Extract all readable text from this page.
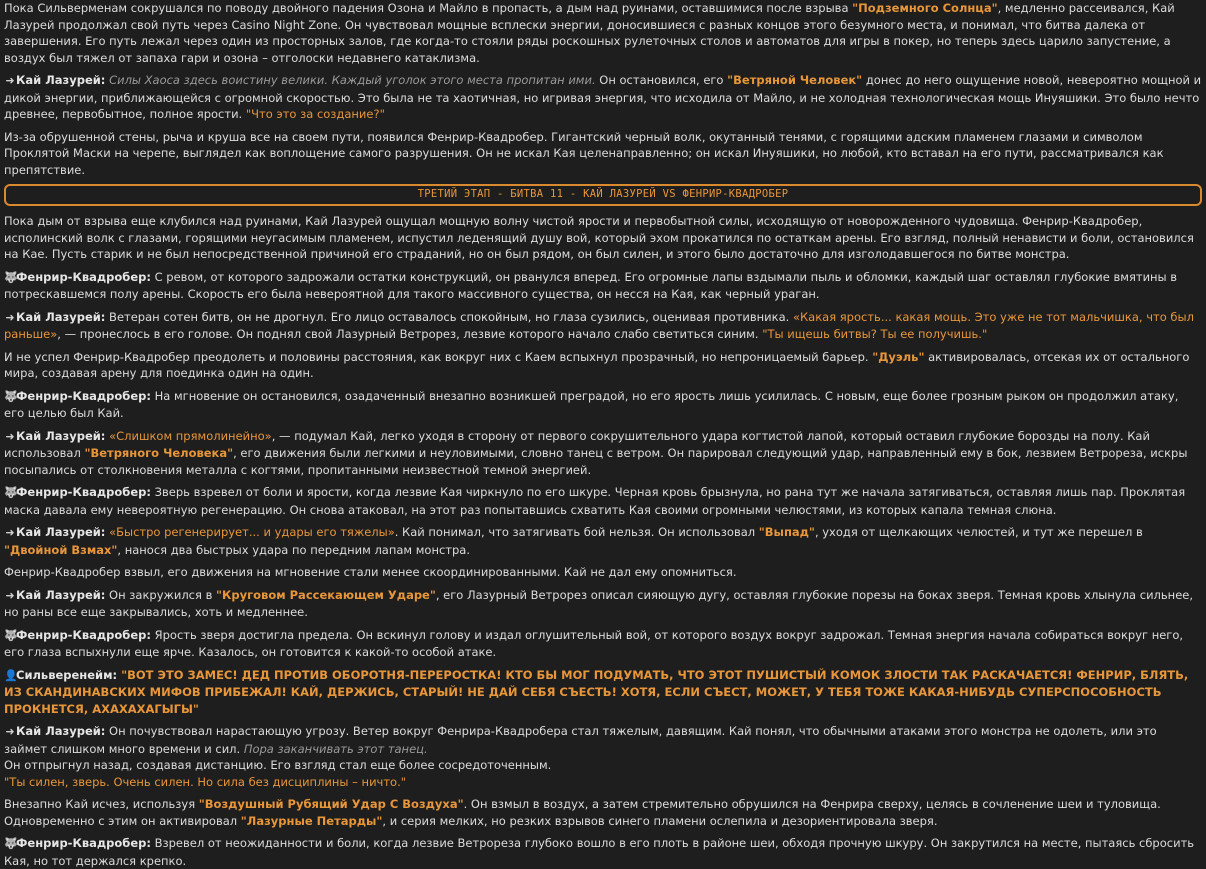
Пока Сильверменам сокрушался по поводу двойного падения Озона и Майло в пропасть, а дым над руинами, оставшимися после взрыва "Подземного Солнца", медленно рассеивался, Кай Лазурей продолжал свой путь через Casino Night Zone. Он чувствовал мощные всплески энергии, доносившиеся с разных концов этого безумного места, и понимал, что битва далека от завершения. Его путь лежал через один из просторных залов, где когда-то стояли ряды роскошных рулеточных столов и автоматов для игры в покер, но теперь здесь царило запустение, а воздух был тяжел от запаха гари и озона – отголоски недавнего катаклизма.

➜Кай Лазурей: Силы Хаоса здесь воистину велики. Каждый уголок этого места пропитан ими. Он остановился, его "Ветряной Человек" донес до него ощущение новой, невероятно мощной и дикой энергии, приближающейся с огромной скоростью. Это была не та хаотичная, но игривая энергия, что исходила от Майло, и не холодная технологическая мощь Инуяшики. Это было нечто древнее, первобытное, полное ярости. "Что это за создание?"

Из-за обрушенной стены, рыча и круша все на своем пути, появился Фенрир-Квадробер. Гигантский черный волк, окутанный тенями, с горящими адским пламенем глазами и символом Проклятой Маски на черепе, выглядел как воплощение самого разрушения. Он не искал Кая целенаправленно; он искал Инуяшики, но любой, кто вставал на его пути, рассматривался как препятствие.

ТРЕТИЙ ЭТАП - БИТВА 11 - КАЙ ЛАЗУРЕЙ VS ФЕНРИР-КВАДРОБЕР

Пока дым от взрыва еще клубился над руинами, Кай Лазурей ощущал мощную волну чистой ярости и первобытной силы, исходящую от новорожденного чудовища. Фенрир-Квадробер, исполинский волк с глазами, горящими неугасимым пламенем, испустил леденящий душу вой, который эхом прокатился по остаткам арены. Его взгляд, полный ненависти и боли, остановился на Кае. Пусть старик и не был непосредственной причиной его страданий, но он был рядом, он был силен, и этого было достаточно для изголодавшегося по битве монстра.

🐺Фенрир-Квадробер: С ревом, от которого задрожали остатки конструкций, он рванулся вперед. Его огромные лапы вздымали пыль и обломки, каждый шаг оставлял глубокие вмятины в потрескавшемся полу арены. Скорость его была невероятной для такого массивного существа, он несся на Кая, как черный ураган.

➜Кай Лазурей: Ветеран сотен битв, он не дрогнул. Его лицо оставалось спокойным, но глаза сузились, оценивая противника. «Какая ярость... какая мощь. Это уже не тот мальчишка, что был раньше», — пронеслось в его голове. Он поднял свой Лазурный Ветрорез, лезвие которого начало слабо светиться синим. "Ты ищешь битвы? Ты ее получишь."

И не успел Фенрир-Квадробер преодолеть и половины расстояния, как вокруг них с Каем вспыхнул прозрачный, но непроницаемый барьер. "Дуэль" активировалась, отсекая их от остального мира, создавая арену для поединка один на один.

🐺Фенрир-Квадробер: На мгновение он остановился, озадаченный внезапно возникшей преградой, но его ярость лишь усилилась. С новым, еще более грозным рыком он продолжил атаку, его целью был Кай.

➜Кай Лазурей: «Слишком прямолинейно», — подумал Кай, легко уходя в сторону от первого сокрушительного удара когтистой лапой, который оставил глубокие борозды на полу. Кай использовал "Ветряного Человека", его движения были легкими и неуловимыми, словно танец с ветром. Он парировал следующий удар, направленный ему в бок, лезвием Ветрореза, искры посыпались от столкновения металла с когтями, пропитанными неизвестной темной энергией.

🐺Фенрир-Квадробер: Зверь взревел от боли и ярости, когда лезвие Кая чиркнуло по его шкуре. Черная кровь брызнула, но рана тут же начала затягиваться, оставляя лишь пар. Проклятая маска давала ему невероятную регенерацию. Он снова атаковал, на этот раз попытавшись схватить Кая своими огромными челюстями, из которых капала темная слюна.

➜Кай Лазурей: «Быстро регенерирует... и удары его тяжелы». Кай понимал, что затягивать бой нельзя. Он использовал "Выпад", уходя от щелкающих челюстей, и тут же перешел в "Двойной Взмах", нанося два быстрых удара по передним лапам монстра.

Фенрир-Квадробер взвыл, его движения на мгновение стали менее скоординированными. Кай не дал ему опомниться.

➜Кай Лазурей: Он закружился в "Круговом Рассекающем Ударе", его Лазурный Ветрорез описал сияющую дугу, оставляя глубокие порезы на боках зверя. Темная кровь хлынула сильнее, но раны все еще закрывались, хоть и медленнее.

🐺Фенрир-Квадробер: Ярость зверя достигла предела. Он вскинул голову и издал оглушительный вой, от которого воздух вокруг задрожал. Темная энергия начала собираться вокруг него, его глаза вспыхнули еще ярче. Казалось, он готовится к какой-то особой атаке.

👤Сильверенейм: "ВОТ ЭТО ЗАМЕС! ДЕД ПРОТИВ ОБОРОТНЯ-ПЕРЕРОСТКА! КТО БЫ МОГ ПОДУМАТЬ, ЧТО ЭТОТ ПУШИСТЫЙ КОМОК ЗЛОСТИ ТАК РАСКАЧАЕТСЯ! ФЕНРИР, БЛЯТЬ, ИЗ СКАНДИНАВСКИХ МИФОВ ПРИБЕЖАЛ! КАЙ, ДЕРЖИСЬ, СТАРЫЙ! НЕ ДАЙ СЕБЯ СЪЕСТЬ! ХОТЯ, ЕСЛИ СЪЕСТ, МОЖЕТ, У ТЕБЯ ТОЖЕ КАКАЯ-НИБУДЬ СУПЕРСПОСОБНОСТЬ ПРОКНЕТСЯ, АХАХАХАГЫГЫ"

➜Кай Лазурей: Он почувствовал нарастающую угрозу. Ветер вокруг Фенрира-Квадробера стал тяжелым, давящим. Кай понял, что обычными атаками этого монстра не одолеть, или это займет слишком много времени и сил. Пора заканчивать этот танец.
Он отпрыгнул назад, создавая дистанцию. Его взгляд стал еще более сосредоточенным.
"Ты силен, зверь. Очень силен. Но сила без дисциплины – ничто."

Внезапно Кай исчез, используя "Воздушный Рубящий Удар С Воздуха". Он взмыл в воздух, а затем стремительно обрушился на Фенрира сверху, целясь в сочленение шеи и туловища. Одновременно с этим он активировал "Лазурные Петарды", и серия мелких, но резких взрывов синего пламени ослепила и дезориентировала зверя.

🐺Фенрир-Квадробер: Взревел от неожиданности и боли, когда лезвие Ветрореза глубоко вошло в его плоть в районе шеи, обходя прочную шкуру. Он закрутился на месте, пытаясь сбросить Кая, но тот держался крепко.
